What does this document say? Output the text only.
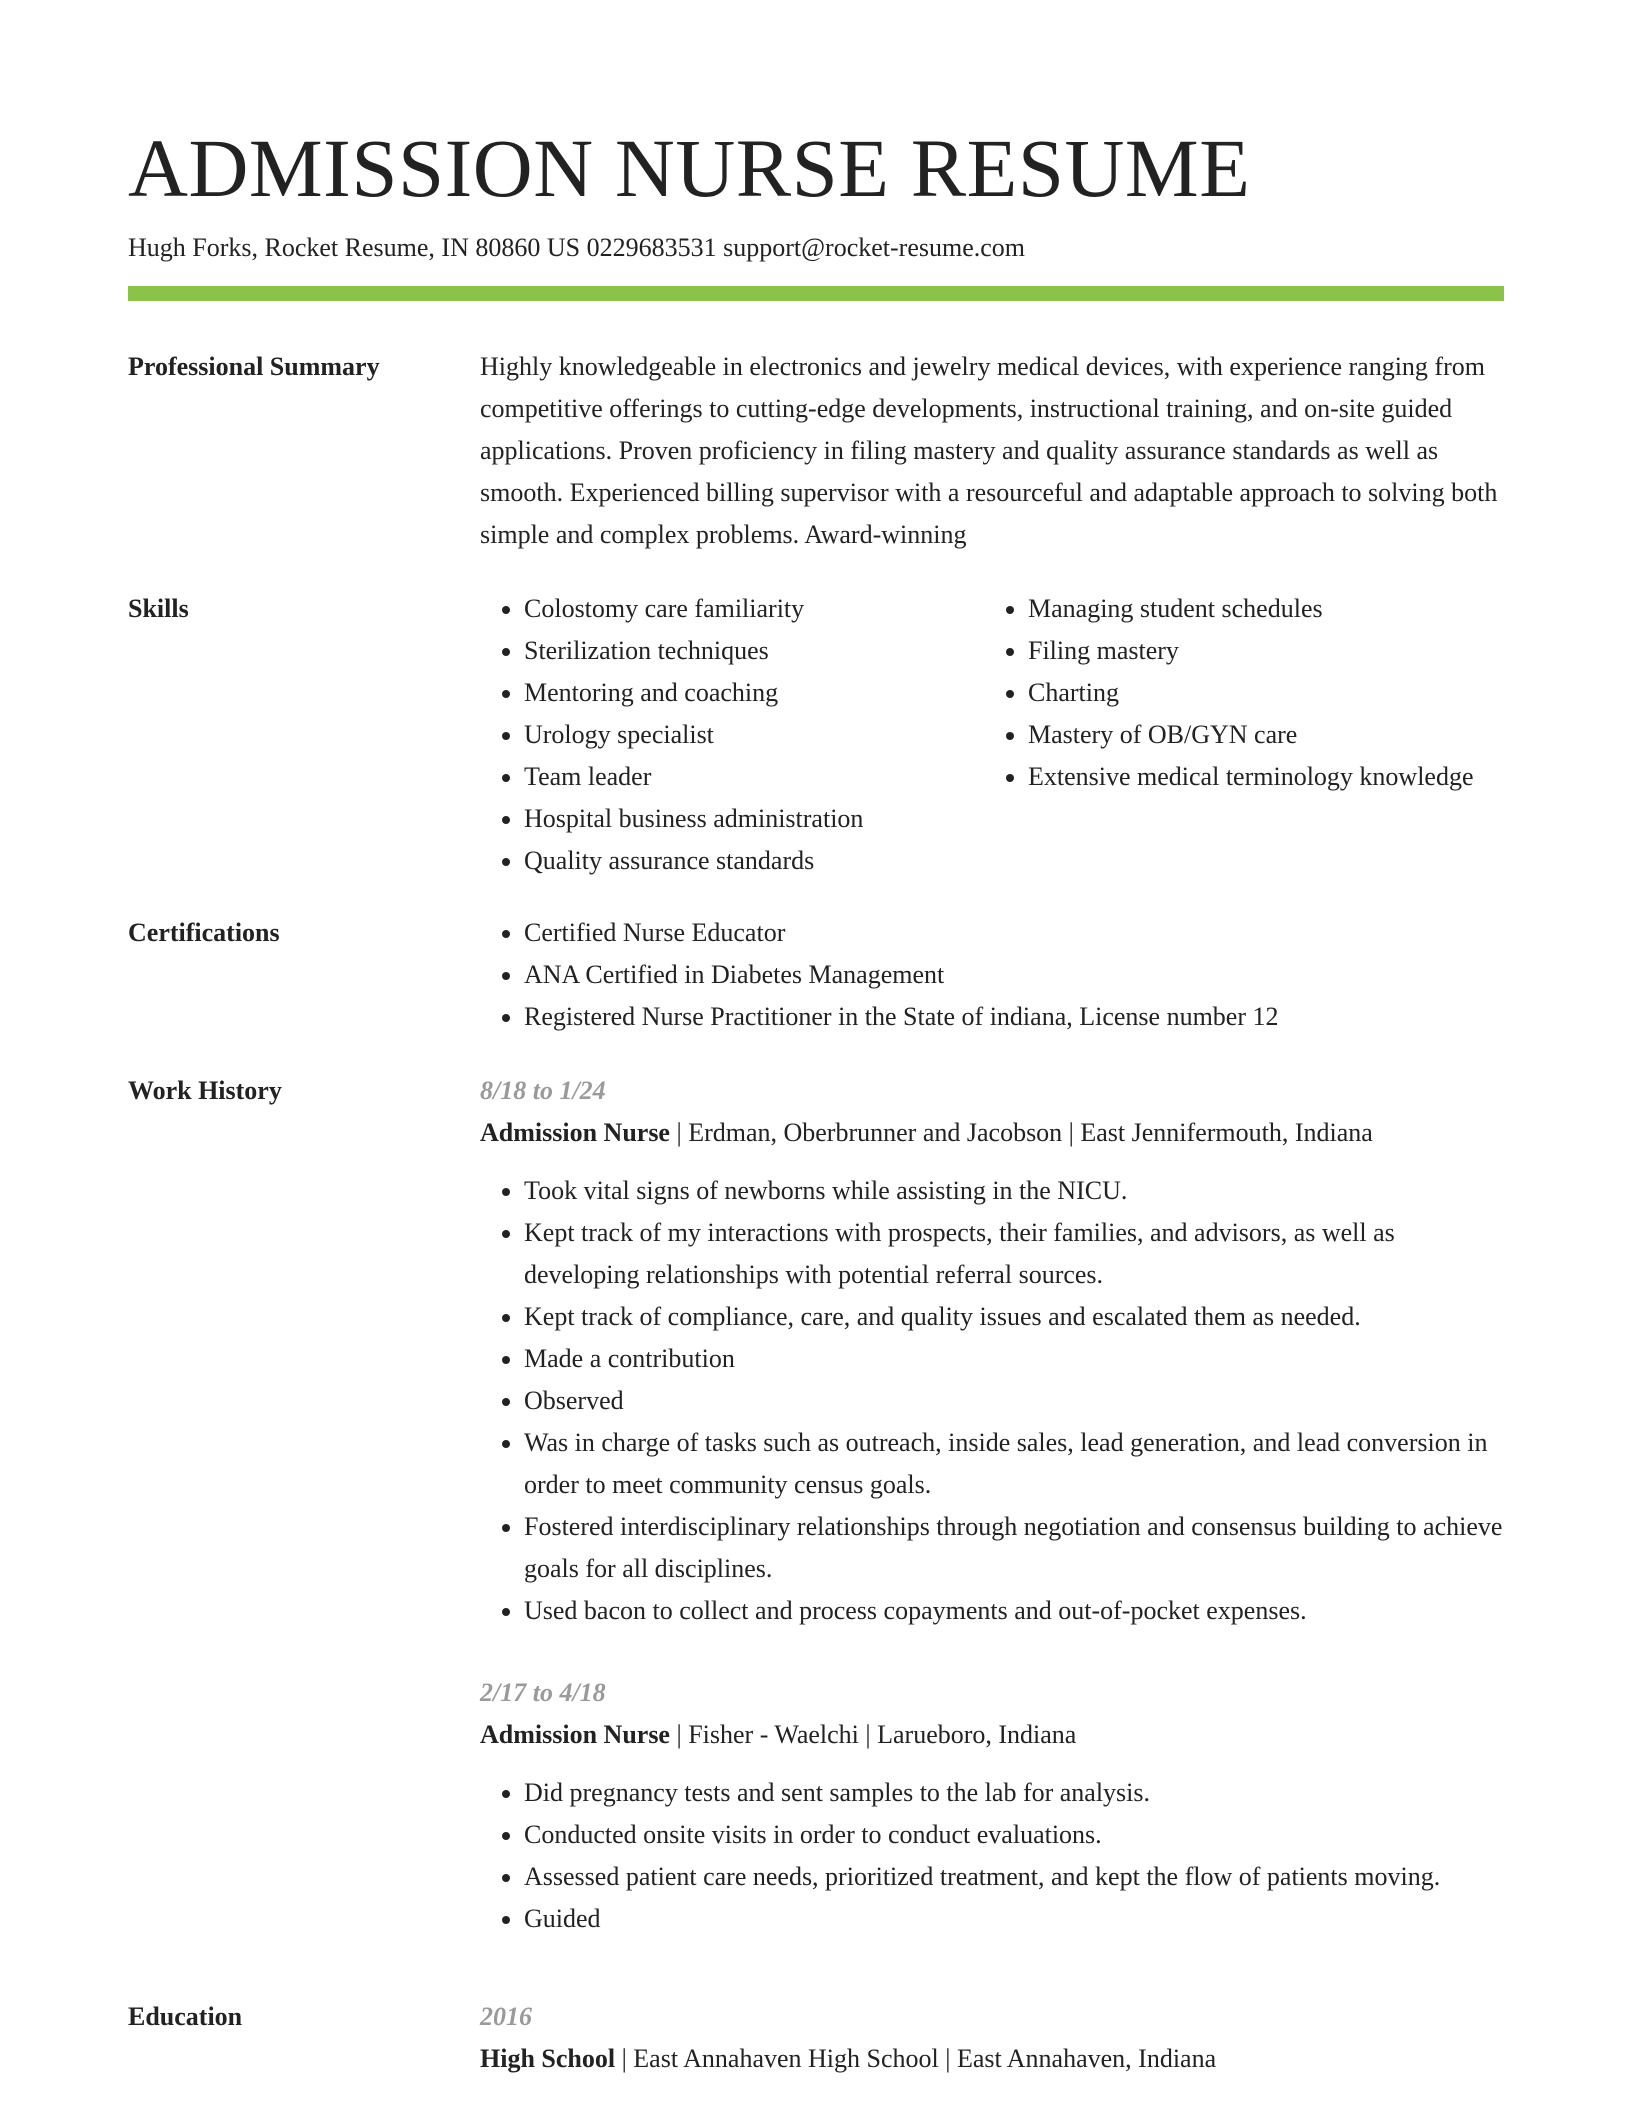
ADMISSION NURSE RESUME
Hugh Forks, Rocket Resume, IN 80860 US 0229683531 support@rocket-resume.com
Professional Summary	Highly knowledgeable in electronics and jewelry medical devices, with experience ranging from competitive offerings to cutting-edge developments, instructional training, and on-site guided applications. Proven proficiency in filing mastery and quality assurance standards as well as smooth. Experienced billing supervisor with a resourceful and adaptable approach to solving both simple and complex problems. Award-winning

Skills	• Colostomy care familiarity
• Sterilization techniques
• Mentoring and coaching
• Urology specialist
• Team leader
• Hospital business administration
• Quality assurance standards
• Managing student schedules
• Filing mastery
• Charting
• Mastery of OB/GYN care
• Extensive medical terminology knowledge
Certifications	• Certified Nurse Educator
• ANA Certified in Diabetes Management
• Registered Nurse Practitioner in the State of indiana, License number 12
Work History	8/18 to 1/24
Admission Nurse | Erdman, Oberbrunner and Jacobson | East Jennifermouth, Indiana
• Took vital signs of newborns while assisting in the NICU.
• Kept track of my interactions with prospects, their families, and advisors, as well as developing relationships with potential referral sources.
• Kept track of compliance, care, and quality issues and escalated them as needed.
• Made a contribution
• Observed
• Was in charge of tasks such as outreach, inside sales, lead generation, and lead conversion in order to meet community census goals.
• Fostered interdisciplinary relationships through negotiation and consensus building to achieve goals for all disciplines.
• Used bacon to collect and process copayments and out-of-pocket expenses.
2/17 to 4/18
Admission Nurse | Fisher - Waelchi | Larueboro, Indiana
• Did pregnancy tests and sent samples to the lab for analysis.
• Conducted onsite visits in order to conduct evaluations.
• Assessed patient care needs, prioritized treatment, and kept the flow of patients moving.
• Guided
Education	2016
High School | East Annahaven High School | East Annahaven, Indiana
